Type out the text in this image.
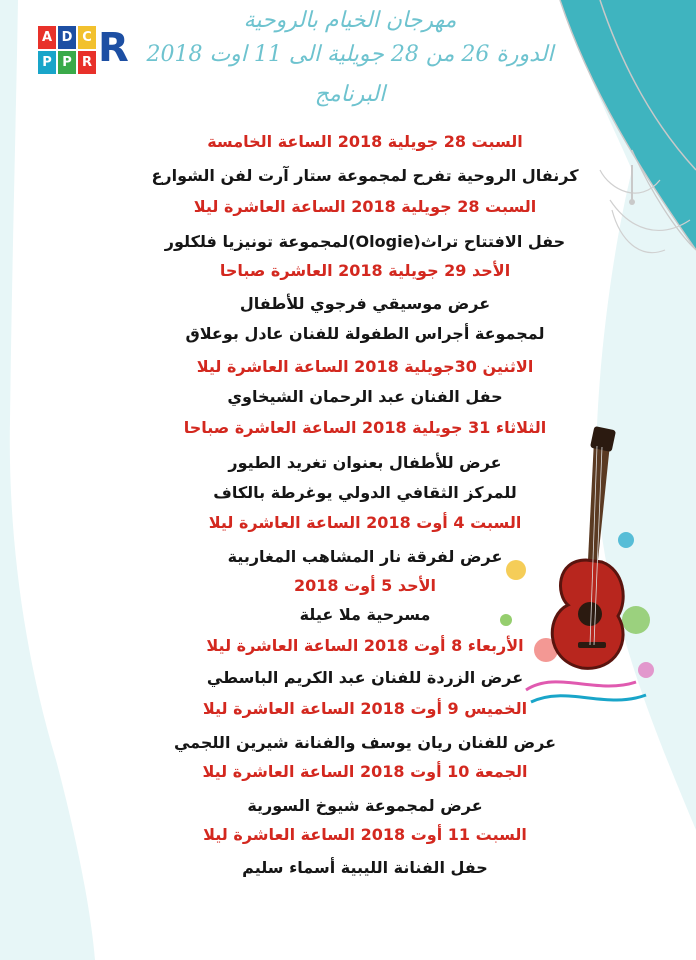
A D C
P P R R
مهرجان الخيام بالروحية
الدورة 26 من 28 جويلية الى 11 اوت 2018
البرنامج
السبت 28 جويلية 2018 الساعة الخامسة
كرنفال الروحية تفرح لمجموعة ستار آرت لفن الشوارع
السبت 28 جويلية 2018 الساعة العاشرة ليلا
حفل الافتتاح تراث(Ologie)لمجموعة تونيزيا فلكلور
الأحد 29 جويلية 2018 العاشرة صباحا
عرض موسيقي فرجوي للأطفال
لمجموعة أجراس الطفولة للفنان عادل بوعلاق
الاثنين 30جويلية 2018 الساعة العاشرة ليلا
حفل الفنان عبد الرحمان الشيخاوي
الثلاثاء 31 جويلية 2018 الساعة العاشرة صباحا
عرض للأطفال بعنوان تغريد الطيور
للمركز الثقافي الدولي يوغرطة بالكاف
السبت 4 أوت 2018 الساعة العاشرة ليلا
عرض لفرقة نار المشاهب المغاربية
الأحد 5 أوت 2018
مسرحية ملا عيلة
الأربعاء 8 أوت 2018 الساعة العاشرة ليلا
عرض الزردة للفنان عبد الكريم الباسطي
الخميس 9 أوت 2018 الساعة العاشرة ليلا
عرض للفنان ريان يوسف والفنانة شيرين اللجمي
الجمعة 10 أوت 2018 الساعة العاشرة ليلا
عرض لمجموعة شيوخ السورية
السبت 11 أوت 2018 الساعة العاشرة ليلا
حفل الفنانة الليبية أسماء سليم
